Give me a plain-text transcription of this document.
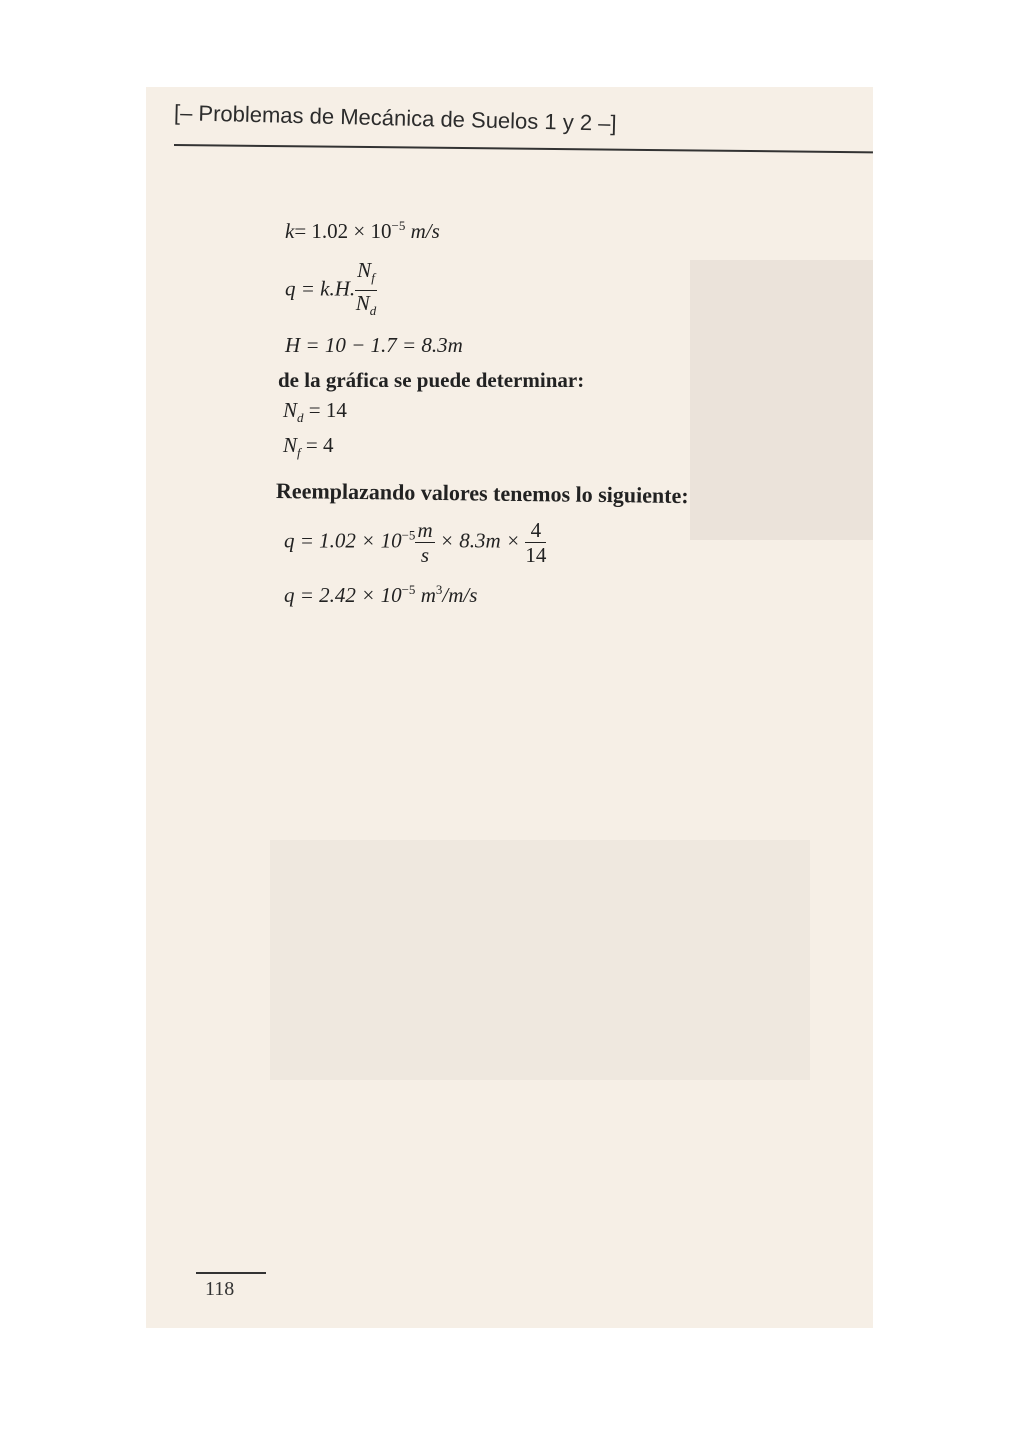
[– Problemas de Mecánica de Suelos 1 y 2 –]
$k= 1.02 \times 10^{-5}$ m/s
q = k.H. $\frac{N_f}{N_d}$
H = 10 − 1.7 = 8.3m
de la gráfica se puede determinar:
$N_d = 14$
$N_f = 4$
Reemplazando valores tenemos lo siguiente:
$q = 1.02 \times 10^{-5} \frac{m}{s} \times 8.3m \times \frac{4}{14}$
$q = 2.42 \times 10^{-5}$ $m^3/m/s$
118
